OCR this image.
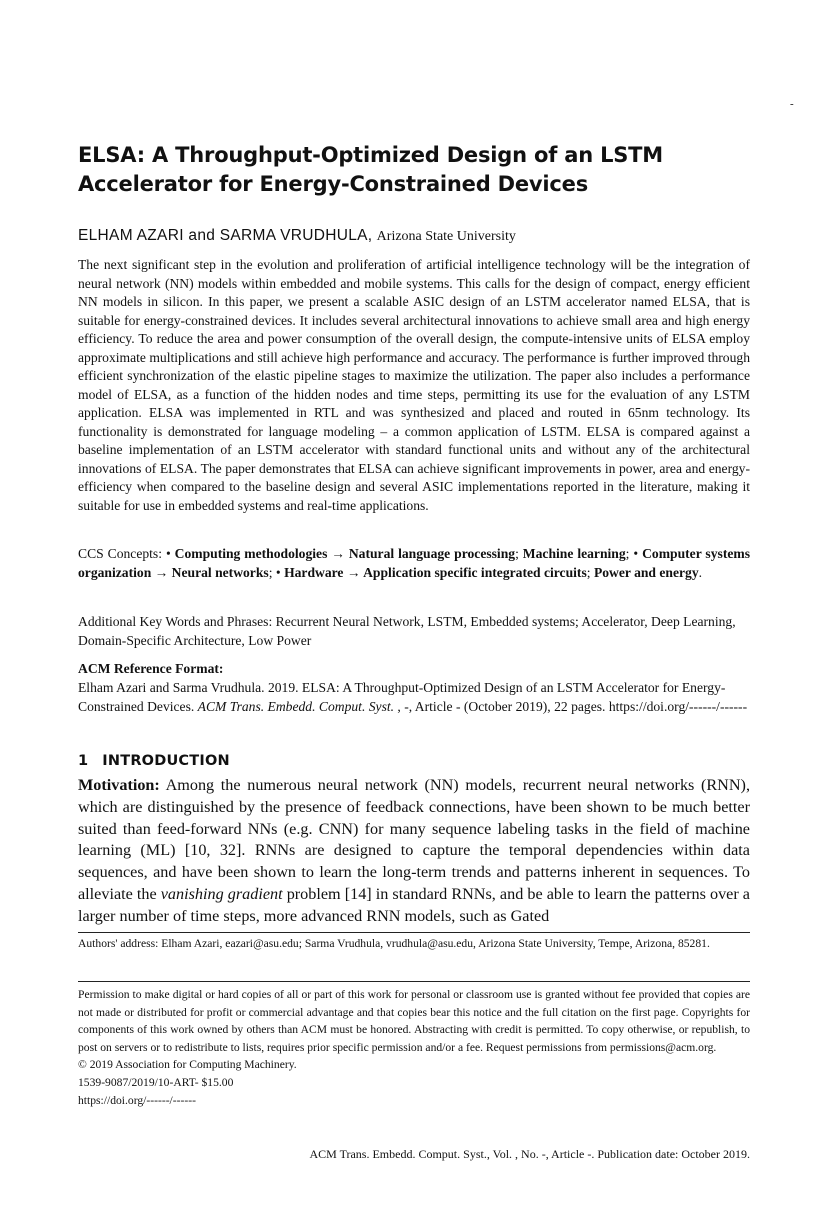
-
ELSA: A Throughput-Optimized Design of an LSTM Accelerator for Energy-Constrained Devices
ELHAM AZARI and SARMA VRUDHULA, Arizona State University

The next significant step in the evolution and proliferation of artificial intelligence technology will be the integration of neural network (NN) models within embedded and mobile systems. This calls for the design of compact, energy efficient NN models in silicon. In this paper, we present a scalable ASIC design of an LSTM accelerator named ELSA, that is suitable for energy-constrained devices. It includes several architectural innovations to achieve small area and high energy efficiency. To reduce the area and power consumption of the overall design, the compute-intensive units of ELSA employ approximate multiplications and still achieve high performance and accuracy. The performance is further improved through efficient synchronization of the elastic pipeline stages to maximize the utilization. The paper also includes a performance model of ELSA, as a function of the hidden nodes and time steps, permitting its use for the evaluation of any LSTM application. ELSA was implemented in RTL and was synthesized and placed and routed in 65nm technology. Its functionality is demonstrated for language modeling – a common application of LSTM. ELSA is compared against a baseline implementation of an LSTM accelerator with standard functional units and without any of the architectural innovations of ELSA. The paper demonstrates that ELSA can achieve significant improvements in power, area and energy-efficiency when compared to the baseline design and several ASIC implementations reported in the literature, making it suitable for use in embedded systems and real-time applications.

CCS Concepts: • Computing methodologies → Natural language processing; Machine learning; • Computer systems organization → Neural networks; • Hardware → Application specific integrated circuits; Power and energy.

Additional Key Words and Phrases: Recurrent Neural Network, LSTM, Embedded systems; Accelerator, Deep Learning, Domain-Specific Architecture, Low Power

ACM Reference Format:

Elham Azari and Sarma Vrudhula. 2019. ELSA: A Throughput-Optimized Design of an LSTM Accelerator for Energy-Constrained Devices. ACM Trans. Embedd. Comput. Syst. , -, Article - (October 2019), 22 pages. https://doi.org/------/------

1 INTRODUCTION

Motivation: Among the numerous neural network (NN) models, recurrent neural networks (RNN), which are distinguished by the presence of feedback connections, have been shown to be much better suited than feed-forward NNs (e.g. CNN) for many sequence labeling tasks in the field of machine learning (ML) [10, 32]. RNNs are designed to capture the temporal dependencies within data sequences, and have been shown to learn the long-term trends and patterns inherent in sequences. To alleviate the vanishing gradient problem [14] in standard RNNs, and be able to learn the patterns over a larger number of time steps, more advanced RNN models, such as Gated

Authors' address: Elham Azari, eazari@asu.edu; Sarma Vrudhula, vrudhula@asu.edu, Arizona State University, Tempe, Arizona, 85281.

Permission to make digital or hard copies of all or part of this work for personal or classroom use is granted without fee provided that copies are not made or distributed for profit or commercial advantage and that copies bear this notice and the full citation on the first page. Copyrights for components of this work owned by others than ACM must be honored. Abstracting with credit is permitted. To copy otherwise, or republish, to post on servers or to redistribute to lists, requires prior specific permission and/or a fee. Request permissions from permissions@acm.org.
© 2019 Association for Computing Machinery.
1539-9087/2019/10-ART- $15.00
https://doi.org/------/------

ACM Trans. Embedd. Comput. Syst., Vol. , No. -, Article -. Publication date: October 2019.
